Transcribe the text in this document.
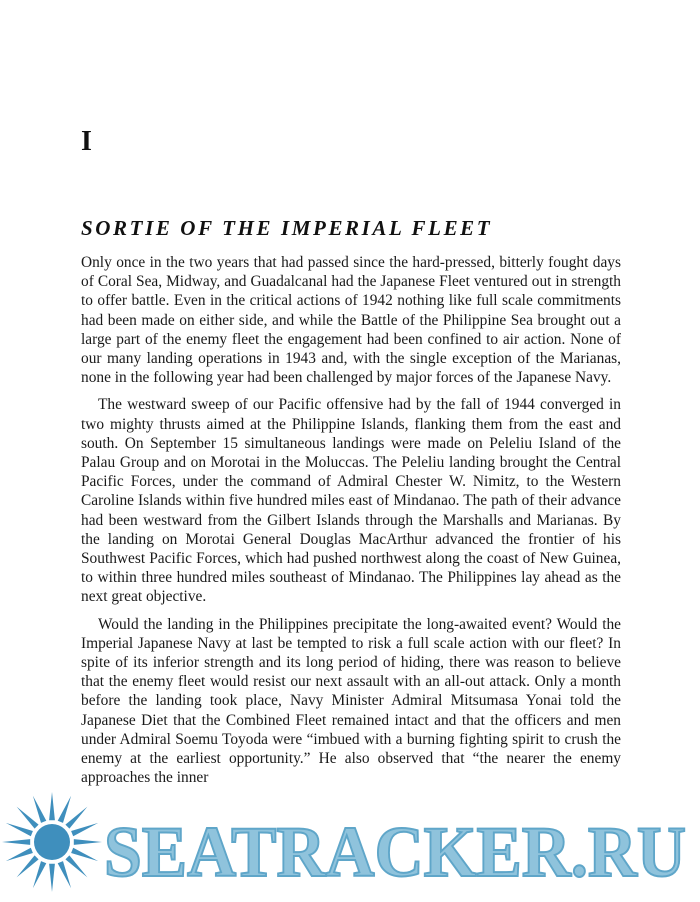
I
SORTIE OF THE IMPERIAL FLEET

Only once in the two years that had passed since the hard-pressed, bitterly fought days of Coral Sea, Midway, and Guadalcanal had the Japanese Fleet ventured out in strength to offer battle. Even in the critical actions of 1942 nothing like full scale commitments had been made on either side, and while the Battle of the Philippine Sea brought out a large part of the enemy fleet the engagement had been confined to air action. None of our many landing operations in 1943 and, with the single exception of the Marianas, none in the following year had been challenged by major forces of the Japanese Navy.

The westward sweep of our Pacific offensive had by the fall of 1944 converged in two mighty thrusts aimed at the Philippine Islands, flanking them from the east and south. On September 15 simultaneous landings were made on Peleliu Island of the Palau Group and on Morotai in the Moluccas. The Peleliu landing brought the Central Pacific Forces, under the command of Admiral Chester W. Nimitz, to the Western Caroline Islands within five hundred miles east of Mindanao. The path of their advance had been westward from the Gilbert Islands through the Marshalls and Marianas. By the landing on Morotai General Douglas MacArthur advanced the frontier of his Southwest Pacific Forces, which had pushed northwest along the coast of New Guinea, to within three hundred miles southeast of Mindanao. The Philippines lay ahead as the next great objective.

Would the landing in the Philippines precipitate the long-awaited event? Would the Imperial Japanese Navy at last be tempted to risk a full scale action with our fleet? In spite of its inferior strength and its long period of hiding, there was reason to believe that the enemy fleet would resist our next assault with an all-out attack. Only a month before the landing took place, Navy Minister Admiral Mitsumasa Yonai told the Japanese Diet that the Combined Fleet remained intact and that the officers and men under Admiral Soemu Toyoda were “imbued with a burning fighting spirit to crush the enemy at the earliest opportunity.” He also observed that “the nearer the enemy approaches the inner

SEATRACKER.RU
